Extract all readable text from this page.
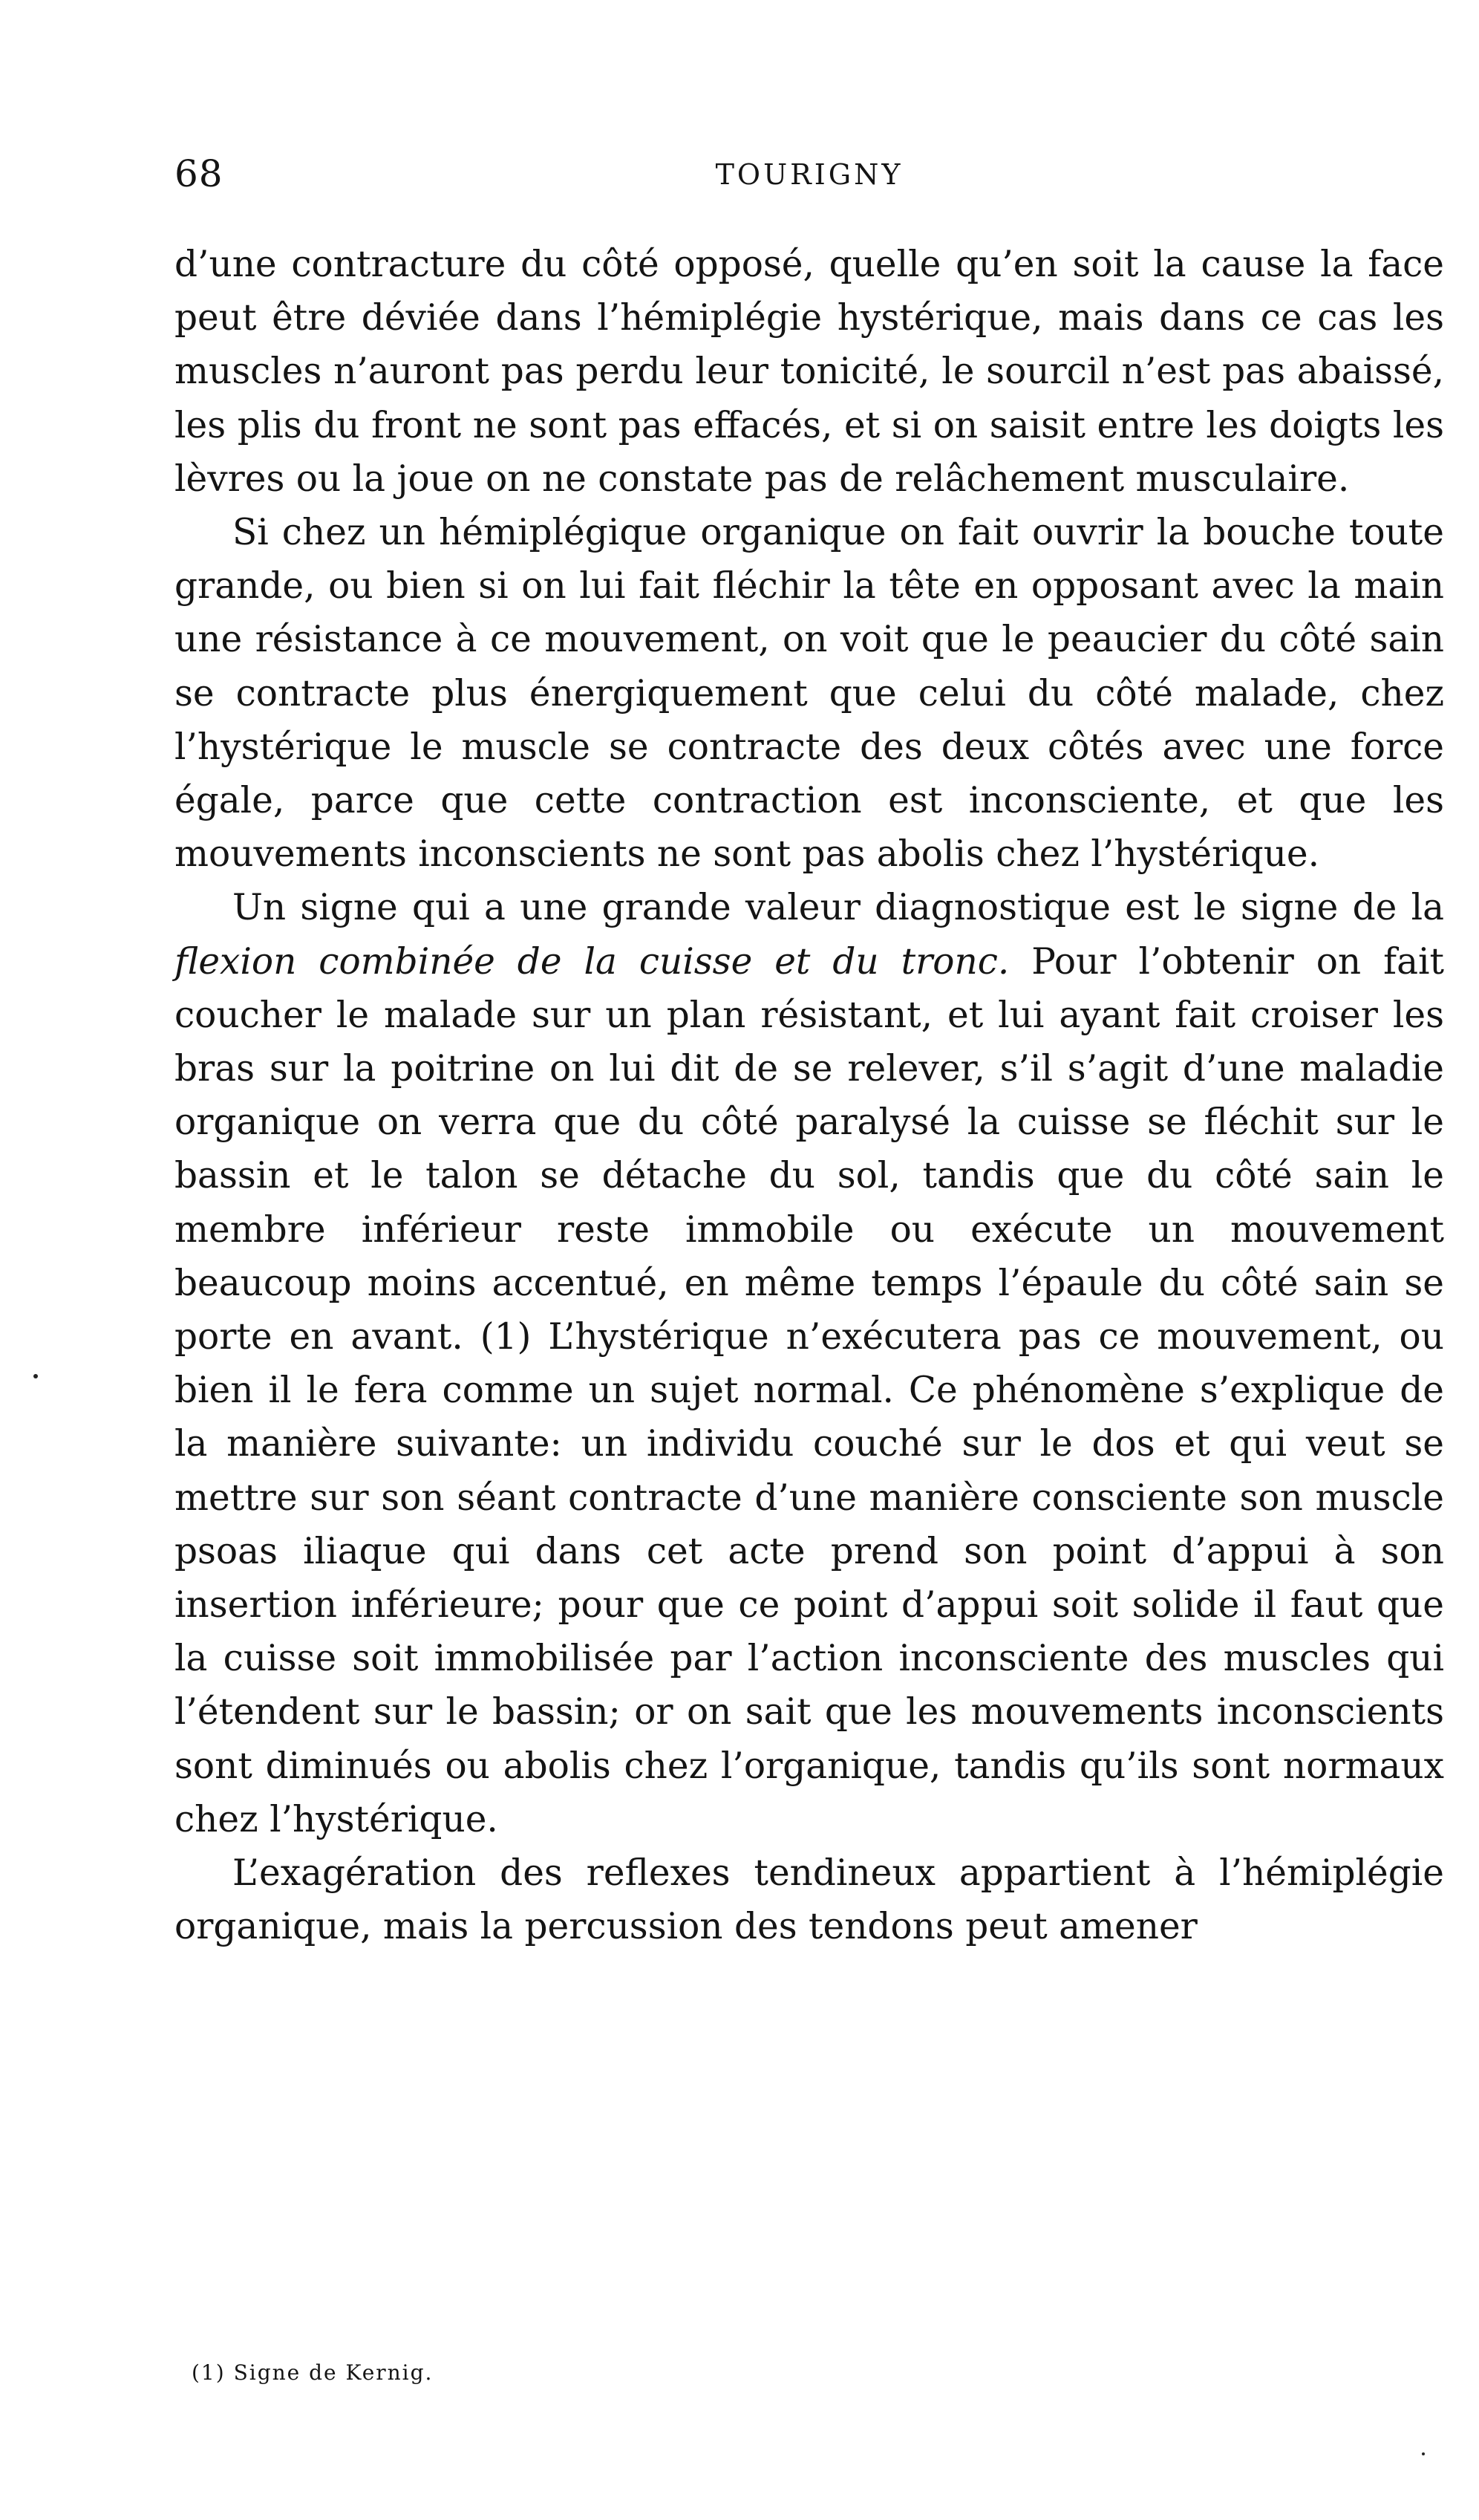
68	TOURIGNY

d’une contracture du côté opposé, quelle qu’en soit la cause la face peut être déviée dans l’hémiplégie hystérique, mais dans ce cas les muscles n’auront pas perdu leur tonicité, le sourcil n’est pas abaissé, les plis du front ne sont pas effacés, et si on saisit entre les doigts les lèvres ou la joue on ne constate pas de relâchement musculaire.

Si chez un hémiplégique organique on fait ouvrir la bouche toute grande, ou bien si on lui fait fléchir la tête en opposant avec la main une résistance à ce mouvement, on voit que le peaucier du côté sain se contracte plus énergiquement que celui du côté malade, chez l’hystérique le muscle se contracte des deux côtés avec une force égale, parce que cette contraction est inconsciente, et que les mouvements inconscients ne sont pas abolis chez l’hystérique.

Un signe qui a une grande valeur diagnostique est le signe de la flexion combinée de la cuisse et du tronc. Pour l’obtenir on fait coucher le malade sur un plan résistant, et lui ayant fait croiser les bras sur la poitrine on lui dit de se relever, s’il s’agit d’une maladie organique on verra que du côté paralysé la cuisse se fléchit sur le bassin et le talon se détache du sol, tandis que du côté sain le membre inférieur reste immobile ou exécute un mouvement beaucoup moins accentué, en même temps l’épaule du côté sain se porte en avant. (1) L’hystérique n’exécutera pas ce mouvement, ou bien il le fera comme un sujet normal. Ce phénomène s’explique de la manière suivante: un individu couché sur le dos et qui veut se mettre sur son séant contracte d’une manière consciente son muscle psoas iliaque qui dans cet acte prend son point d’appui à son insertion inférieure; pour que ce point d’appui soit solide il faut que la cuisse soit immobilisée par l’action inconsciente des muscles qui l’étendent sur le bassin; or on sait que les mouvements inconscients sont diminués ou abolis chez l’organique, tandis qu’ils sont normaux chez l’hystérique.

L’exagération des reflexes tendineux appartient à l’hémiplégie organique, mais la percussion des tendons peut amener

(1) Signe de Kernig.
